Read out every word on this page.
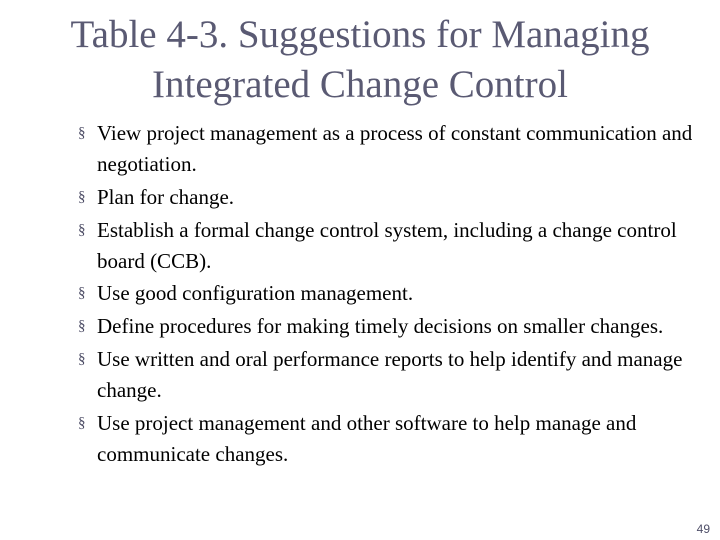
Table 4-3. Suggestions for Managing Integrated Change Control
§ View project management as a process of constant communication and negotiation.
§ Plan for change.
§ Establish a formal change control system, including a change control board (CCB).
§ Use good configuration management.
§ Define procedures for making timely decisions on smaller changes.
§ Use written and oral performance reports to help identify and manage change.
§ Use project management and other software to help manage and communicate changes.
49
